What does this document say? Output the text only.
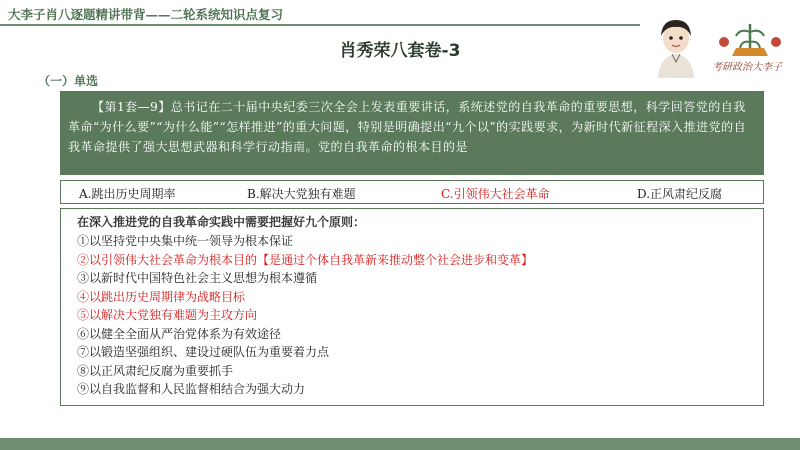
大李子肖八逐题精讲带背——二轮系统知识点复习
肖秀荣八套卷-3
考研政治大李子
（一）单选
【第1套—9】总书记在二十届中央纪委三次全会上发表重要讲话，系统述党的自我革命的重要思想，科学回答党的自我革命“为什么要”“为什么能”“怎样推进”的重大问题，特别是明确提出“九个以”的实践要求，为新时代新征程深入推进党的自我革命提供了强大思想武器和科学行动指南。党的自我革命的根本目的是
A.跳出历史周期率	B.解决大党独有难题	C.引领伟大社会革命	D.正风肃纪反腐
在深入推进党的自我革命实践中需要把握好九个原则：
①以坚持党中央集中统一领导为根本保证
②以引领伟大社会革命为根本目的【是通过个体自我革新来推动整个社会进步和变革】
③以新时代中国特色社会主义思想为根本遵循
④以跳出历史周期律为战略目标
⑤以解决大党独有难题为主攻方向
⑥以健全全面从严治党体系为有效途径
⑦以锻造坚强组织、建设过硬队伍为重要着力点
⑧以正风肃纪反腐为重要抓手
⑨以自我监督和人民监督相结合为强大动力
